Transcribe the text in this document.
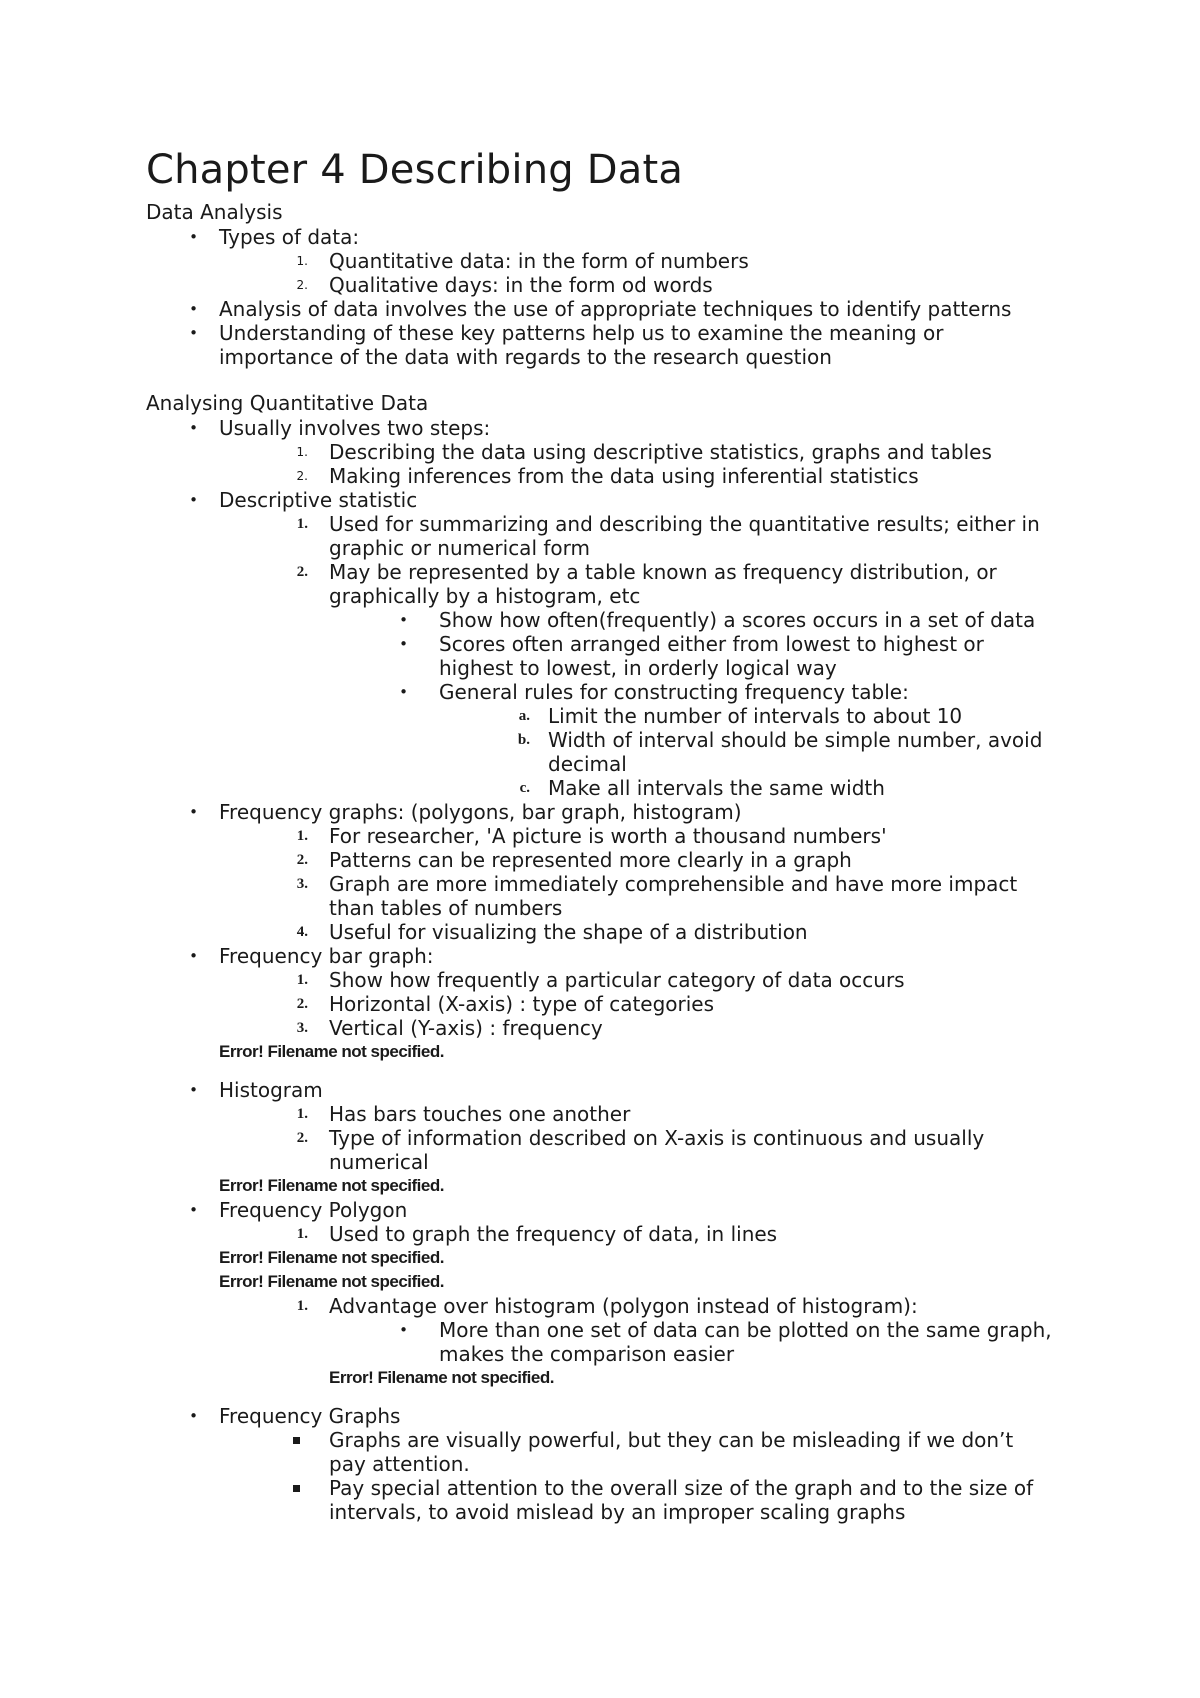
Chapter 4 Describing Data
Data Analysis
• Types of data:
1. Quantitative data: in the form of numbers
2. Qualitative days: in the form od words
• Analysis of data involves the use of appropriate techniques to identify patterns
• Understanding of these key patterns help us to examine the meaning or
importance of the data with regards to the research question
Analysing Quantitative Data
• Usually involves two steps:
1. Describing the data using descriptive statistics, graphs and tables
2. Making inferences from the data using inferential statistics
• Descriptive statistic
1. Used for summarizing and describing the quantitative results; either in
graphic or numerical form
2. May be represented by a table known as frequency distribution, or
graphically by a histogram, etc
• Show how often(frequently) a scores occurs in a set of data
• Scores often arranged either from lowest to highest or
highest to lowest, in orderly logical way
• General rules for constructing frequency table:
a. Limit the number of intervals to about 10
b. Width of interval should be simple number, avoid
decimal
c. Make all intervals the same width
• Frequency graphs: (polygons, bar graph, histogram)
1. For researcher, 'A picture is worth a thousand numbers'
2. Patterns can be represented more clearly in a graph
3. Graph are more immediately comprehensible and have more impact
than tables of numbers
4. Useful for visualizing the shape of a distribution
• Frequency bar graph:
1. Show how frequently a particular category of data occurs
2. Horizontal (X-axis) : type of categories
3. Vertical (Y-axis) : frequency
Error! Filename not specified.
• Histogram
1. Has bars touches one another
2. Type of information described on X-axis is continuous and usually
numerical
Error! Filename not specified.
• Frequency Polygon
1. Used to graph the frequency of data, in lines
Error! Filename not specified.
Error! Filename not specified.
1. Advantage over histogram (polygon instead of histogram):
• More than one set of data can be plotted on the same graph,
makes the comparison easier
Error! Filename not specified.
• Frequency Graphs
Graphs are visually powerful, but they can be misleading if we don’t
pay attention.
Pay special attention to the overall size of the graph and to the size of
intervals, to avoid mislead by an improper scaling graphs
